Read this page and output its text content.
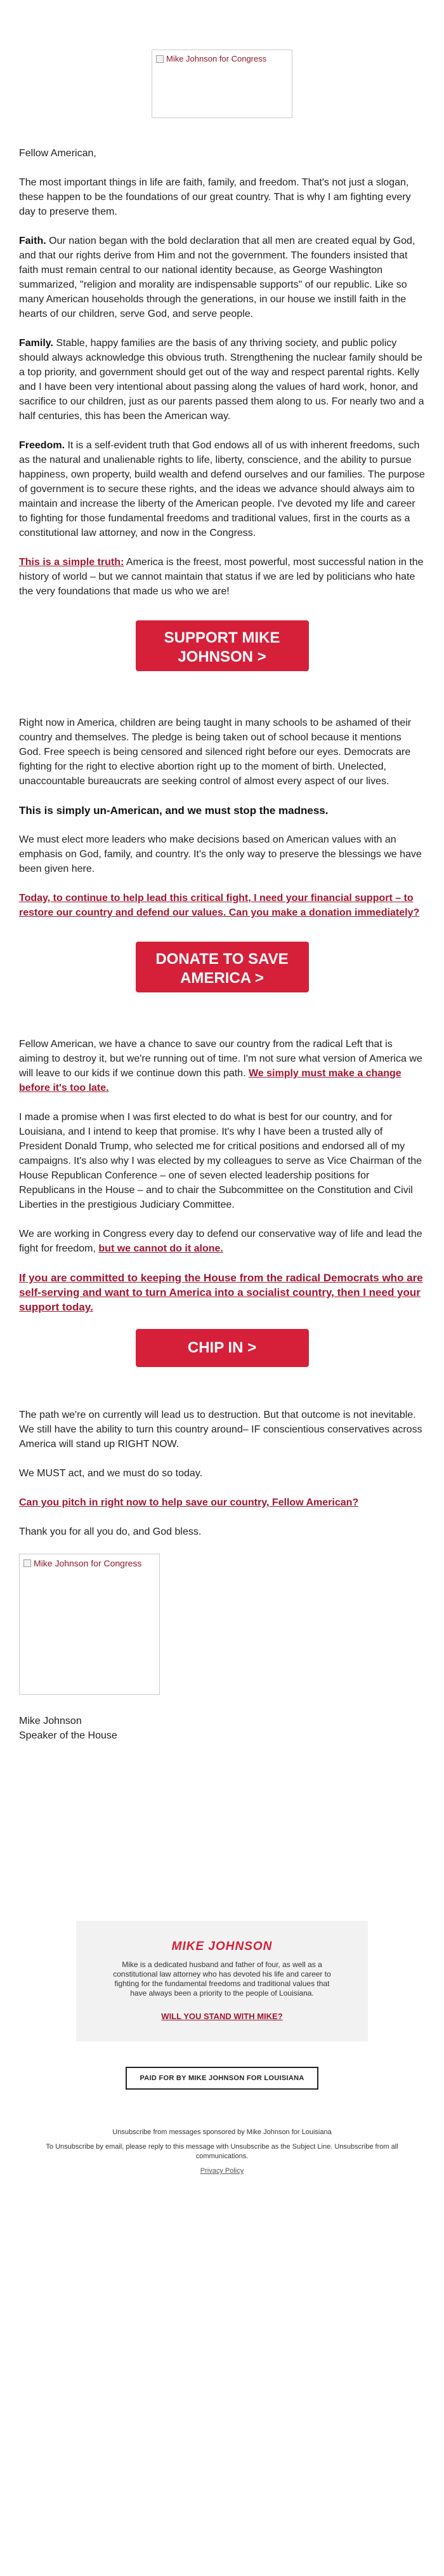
Mike Johnson for Congress

Fellow American,

The most important things in life are faith, family, and freedom. That's not just a slogan, these happen to be the foundations of our great country. That is why I am fighting every day to preserve them.

Faith. Our nation began with the bold declaration that all men are created equal by God, and that our rights derive from Him and not the government. The founders insisted that faith must remain central to our national identity because, as George Washington summarized, "religion and morality are indispensable supports" of our republic. Like so many American households through the generations, in our house we instill faith in the hearts of our children, serve God, and serve people.

Family. Stable, happy families are the basis of any thriving society, and public policy should always acknowledge this obvious truth. Strengthening the nuclear family should be a top priority, and government should get out of the way and respect parental rights. Kelly and I have been very intentional about passing along the values of hard work, honor, and sacrifice to our children, just as our parents passed them along to us. For nearly two and a half centuries, this has been the American way.

Freedom. It is a self-evident truth that God endows all of us with inherent freedoms, such as the natural and unalienable rights to life, liberty, conscience, and the ability to pursue happiness, own property, build wealth and defend ourselves and our families. The purpose of government is to secure these rights, and the ideas we advance should always aim to maintain and increase the liberty of the American people. I've devoted my life and career to fighting for those fundamental freedoms and traditional values, first in the courts as a constitutional law attorney, and now in the Congress.

This is a simple truth: America is the freest, most powerful, most successful nation in the history of world – but we cannot maintain that status if we are led by politicians who hate the very foundations that made us who we are!

SUPPORT MIKE JOHNSON >

Right now in America, children are being taught in many schools to be ashamed of their country and themselves. The pledge is being taken out of school because it mentions God. Free speech is being censored and silenced right before our eyes. Democrats are fighting for the right to elective abortion right up to the moment of birth. Unelected, unaccountable bureaucrats are seeking control of almost every aspect of our lives.

This is simply un-American, and we must stop the madness.

We must elect more leaders who make decisions based on American values with an emphasis on God, family, and country. It's the only way to preserve the blessings we have been given here.

Today, to continue to help lead this critical fight, I need your financial support – to restore our country and defend our values. Can you make a donation immediately?

DONATE TO SAVE AMERICA >

Fellow American, we have a chance to save our country from the radical Left that is aiming to destroy it, but we're running out of time. I'm not sure what version of America we will leave to our kids if we continue down this path. We simply must make a change before it's too late.

I made a promise when I was first elected to do what is best for our country, and for Louisiana, and I intend to keep that promise. It's why I have been a trusted ally of President Donald Trump, who selected me for critical positions and endorsed all of my campaigns. It's also why I was elected by my colleagues to serve as Vice Chairman of the House Republican Conference – one of seven elected leadership positions for Republicans in the House – and to chair the Subcommittee on the Constitution and Civil Liberties in the prestigious Judiciary Committee.

We are working in Congress every day to defend our conservative way of life and lead the fight for freedom, but we cannot do it alone.

If you are committed to keeping the House from the radical Democrats who are self-serving and want to turn America into a socialist country, then I need your support today.

CHIP IN >

The path we're on currently will lead us to destruction. But that outcome is not inevitable. We still have the ability to turn this country around– IF conscientious conservatives across America will stand up RIGHT NOW.

We MUST act, and we must do so today.

Can you pitch in right now to help save our country, Fellow American?

Thank you for all you do, and God bless.

Mike Johnson for Congress

Mike Johnson
Speaker of the House

MIKE JOHNSON
Mike is a dedicated husband and father of four, as well as a constitutional law attorney who has devoted his life and career to fighting for the fundamental freedoms and traditional values that have always been a priority to the people of Louisiana.
WILL YOU STAND WITH MIKE?
PAID FOR BY MIKE JOHNSON FOR LOUISIANA
Unsubscribe from messages sponsored by Mike Johnson for Louisiana
To Unsubscribe by email, please reply to this message with Unsubscribe as the Subject Line. Unsubscribe from all communications.
Privacy Policy
